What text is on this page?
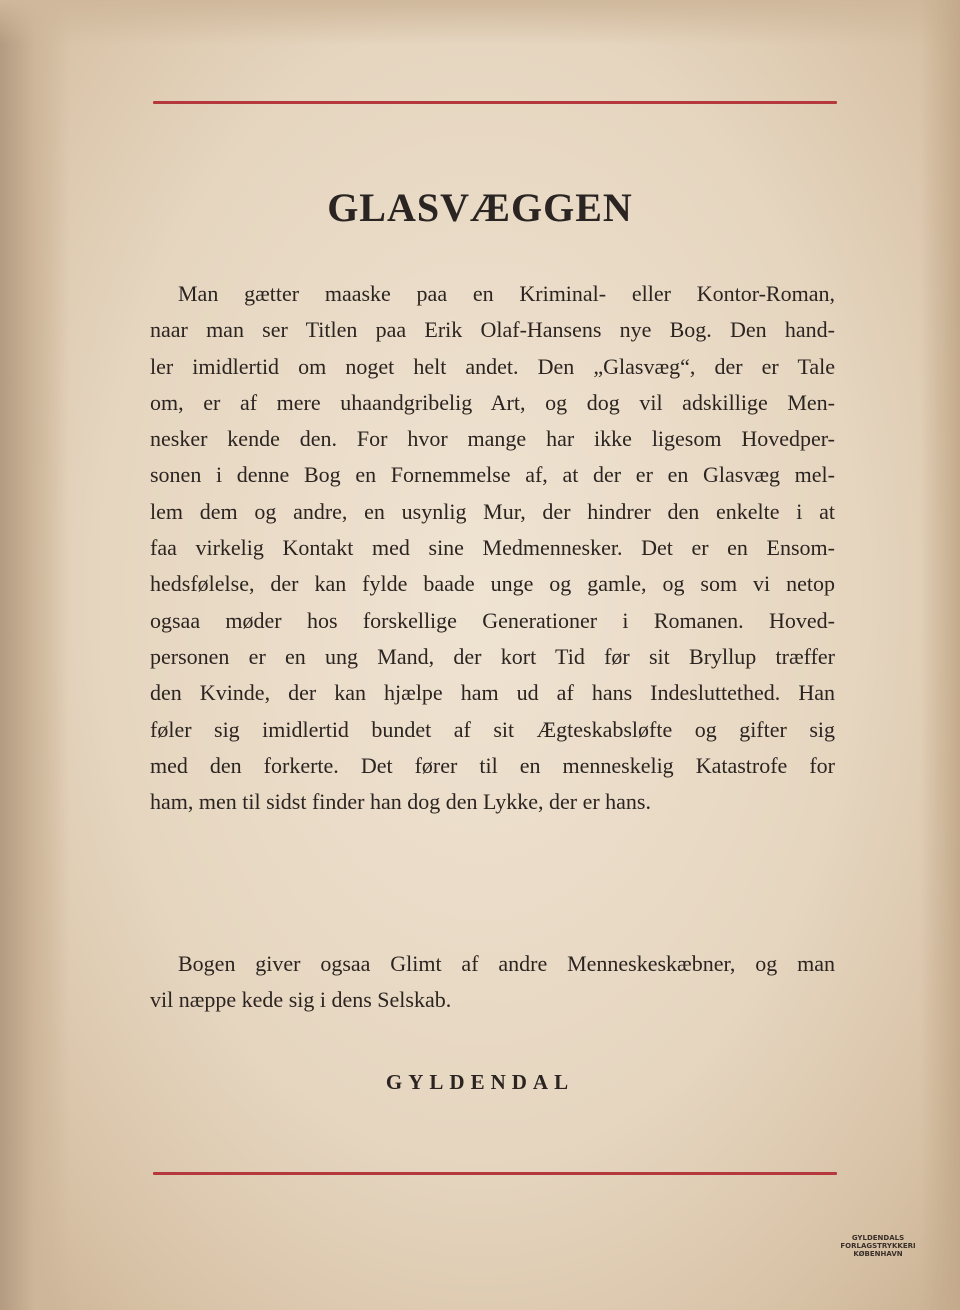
GLASVÆGGEN
Man gætter maaske paa en Kriminal- eller Kontor-Roman,
naar man ser Titlen paa Erik Olaf-Hansens nye Bog. Den hand-
ler imidlertid om noget helt andet. Den „Glasvæg“, der er Tale
om, er af mere uhaandgribelig Art, og dog vil adskillige Men-
nesker kende den. For hvor mange har ikke ligesom Hovedper-
sonen i denne Bog en Fornemmelse af, at der er en Glasvæg mel-
lem dem og andre, en usynlig Mur, der hindrer den enkelte i at
faa virkelig Kontakt med sine Medmennesker. Det er en Ensom-
hedsfølelse, der kan fylde baade unge og gamle, og som vi netop
ogsaa møder hos forskellige Generationer i Romanen. Hoved-
personen er en ung Mand, der kort Tid før sit Bryllup træffer
den Kvinde, der kan hjælpe ham ud af hans Indesluttethed. Han
føler sig imidlertid bundet af sit Ægteskabsløfte og gifter sig
med den forkerte. Det fører til en menneskelig Katastrofe for
ham, men til sidst finder han dog den Lykke, der er hans.
Bogen giver ogsaa Glimt af andre Menneskeskæbner, og man
vil næppe kede sig i dens Selskab.
GYLDENDAL
GYLDENDALS
FORLAGSTRYKKERI
KØBENHAVN
